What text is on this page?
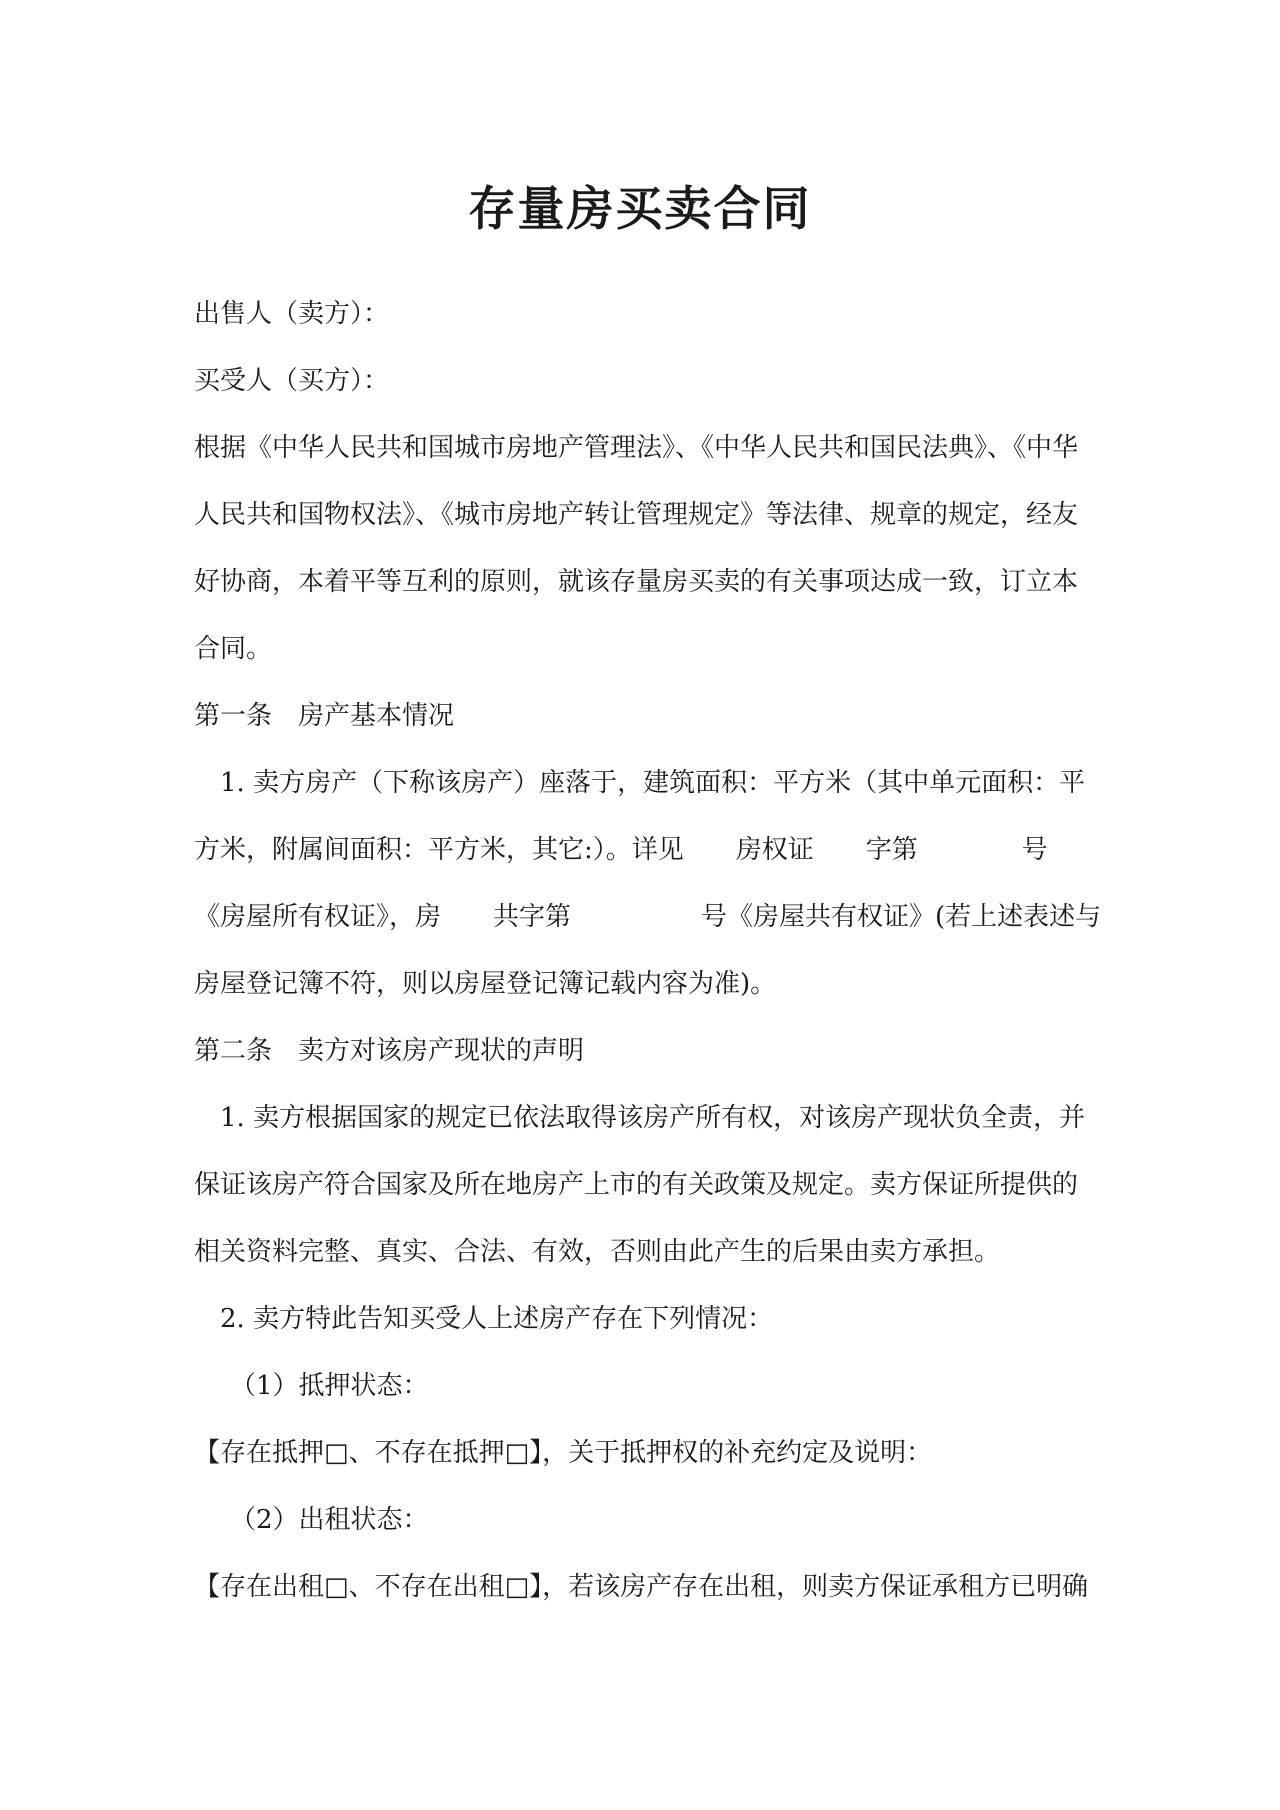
存量房买卖合同
出售人（卖方）：
买受人（买方）：
根据《中华人民共和国城市房地产管理法》、《中华人民共和国民法典》、《中华
人民共和国物权法》、《城市房地产转让管理规定》等法律、规章的规定，经友
好协商，本着平等互利的原则，就该存量房买卖的有关事项达成一致，订立本
合同。
第一条　房产基本情况
1. 卖方房产（下称该房产）座落于，建筑面积：平方米（其中单元面积：平
方米，附属间面积：平方米，其它:）。详见　　房权证　　字第　　　　号
《房屋所有权证》，房　　共字第　　　　　号《房屋共有权证》(若上述表述与
房屋登记簿不符，则以房屋登记簿记载内容为准)。
第二条　卖方对该房产现状的声明
1. 卖方根据国家的规定已依法取得该房产所有权，对该房产现状负全责，并
保证该房产符合国家及所在地房产上市的有关政策及规定。卖方保证所提供的
相关资料完整、真实、合法、有效，否则由此产生的后果由卖方承担。
2. 卖方特此告知买受人上述房产存在下列情况：
（1）抵押状态：
【存在抵押□、不存在抵押□】，关于抵押权的补充约定及说明：
（2）出租状态：
【存在出租□、不存在出租□】，若该房产存在出租，则卖方保证承租方已明确
